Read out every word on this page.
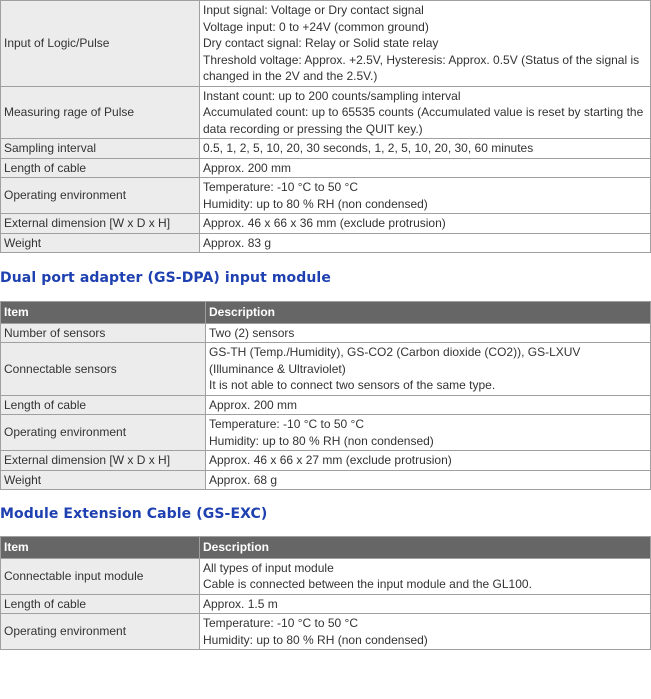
Input of Logic/Pulse	Input signal: Voltage or Dry contact signal
Voltage input: 0 to +24V (common ground)
Dry contact signal: Relay or Solid state relay
Threshold voltage: Approx. +2.5V, Hysteresis: Approx. 0.5V (Status of the signal is changed in the 2V and the 2.5V.)

Measuring rage of Pulse	Instant count: up to 200 counts/sampling interval
Accumulated count: up to 65535 counts (Accumulated value is reset by starting the data recording or pressing the QUIT key.)

Sampling interval	0.5, 1, 2, 5, 10, 20, 30 seconds, 1, 2, 5, 10, 20, 30, 60 minutes

Length of cable	Approx. 200 mm

Operating environment	Temperature: -10 °C to 50 °C
Humidity: up to 80 % RH (non condensed)

External dimension [W x D x H]	Approx. 46 x 66 x 36 mm (exclude protrusion)

Weight	Approx. 83 g
Dual port adapter (GS-DPA) input module
Item	Description
Number of sensors	Two (2) sensors

Connectable sensors	GS-TH (Temp./Humidity), GS-CO2 (Carbon dioxide (CO2)), GS-LXUV (Illuminance & Ultraviolet)
It is not able to connect two sensors of the same type.

Length of cable	Approx. 200 mm

Operating environment	Temperature: -10 °C to 50 °C
Humidity: up to 80 % RH (non condensed)

External dimension [W x D x H]	Approx. 46 x 66 x 27 mm (exclude protrusion)

Weight	Approx. 68 g
Module Extension Cable (GS-EXC)
Item	Description
Connectable input module	All types of input module
Cable is connected between the input module and the GL100.

Length of cable	Approx. 1.5 m

Operating environment	Temperature: -10 °C to 50 °C
Humidity: up to 80 % RH (non condensed)
